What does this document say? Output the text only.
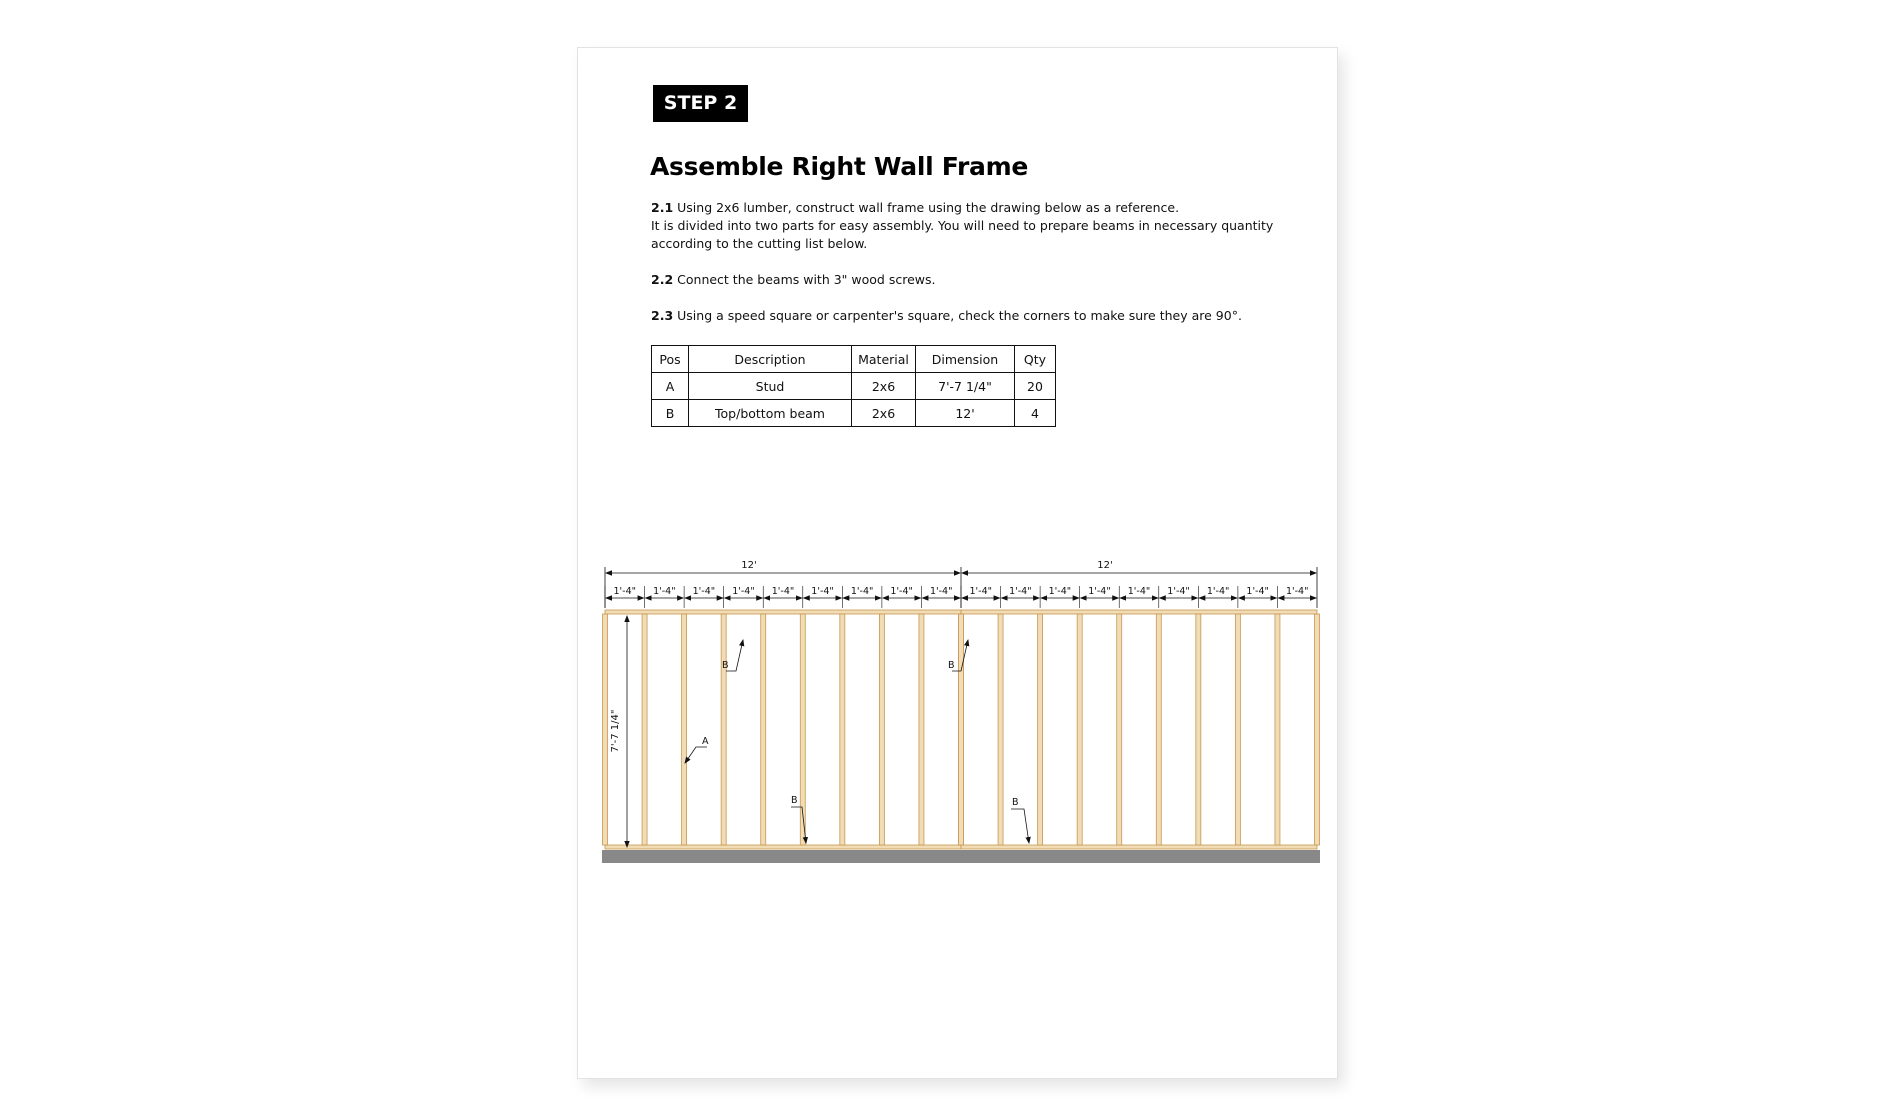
STEP 2
Assemble Right Wall Frame

2.1 Using 2x6 lumber, construct wall frame using the drawing below as a reference.
It is divided into two parts for easy assembly. You will need to prepare beams in necessary quantity
according to the cutting list below.

2.2 Connect the beams with 3" wood screws.

2.3 Using a speed square or carpenter's square, check the corners to make sure they are 90°.

Pos	Description	Material	Dimension	Qty
A	Stud	2x6	7'-7 1/4"	20
B	Top/bottom beam	2x6	12'	4
12'	12'
1'-4" 1'-4" 1'-4" 1'-4" 1'-4" 1'-4" 1'-4" 1'-4" 1'-4" 1'-4" 1'-4" 1'-4" 1'-4" 1'-4" 1'-4" 1'-4" 1'-4" 1'-4"
7'-7 1/4"	A
B	B
B	B
